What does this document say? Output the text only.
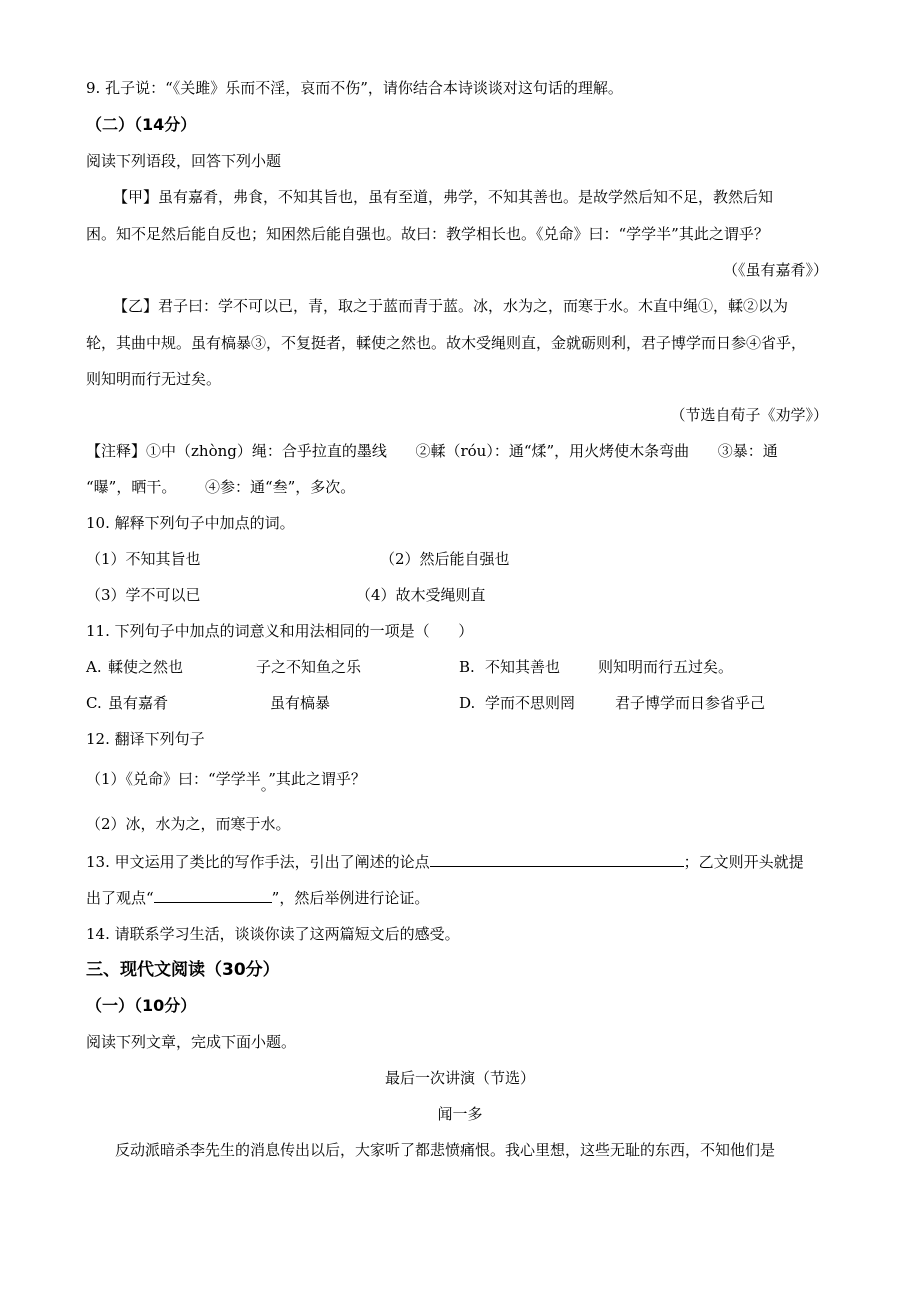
9. 孔子说：“《关雎》乐而不淫，哀而不伤”，请你结合本诗谈谈对这句话的理解。
（二）（14分）
阅读下列语段，回答下列小题
【甲】虽有嘉肴，弗食，不知其旨也，虽有至道，弗学，不知其善也。是故学然后知不足，教然后知
困。知不足然后能自反也；知困然后能自强也。故曰：教学相长也。《兑命》曰：“学学半”其此之谓乎？
（《虽有嘉肴》）
【乙】君子曰：学不可以已，青，取之于蓝而青于蓝。冰，水为之，而寒于水。木直中绳①，輮②以为
轮，其曲中规。虽有槁暴③，不复挺者，輮使之然也。故木受绳则直，金就砺则利，君子博学而日参④省乎，
则知明而行无过矣。
（节选自荀子《劝学》）
【注释】①中（zhòng）绳：合乎拉直的墨线      ②輮（róu）：通“煣”，用火烤使木条弯曲      ③暴：通
“曝”，晒干。      ④参：通“叁”，多次。
10. 解释下列句子中加点的词。
（1）不知其旨也	（2）然后能自强也
（3）学不可以已	（4）故木受绳则直
11. 下列句子中加点的词意义和用法相同的一项是（      ）
A. 輮使之然也	子之不知鱼之乐	B. 不知其善也	则知明而行五过矣。
C. 虽有嘉肴	虽有槁暴	D. 学而不思则罔	君子博学而日参省乎己
12. 翻译下列句子
（1）《兑命》曰：“学学半。”其此之谓乎？
（2）冰，水为之，而寒于水。
13. 甲文运用了类比的写作手法，引出了阐述的论点	；乙文则开头就提
出了观点“	”，然后举例进行论证。
14. 请联系学习生活，谈谈你读了这两篇短文后的感受。
三、现代文阅读（30分）
（一）（10分）
阅读下列文章，完成下面小题。
最后一次讲演（节选）
闻一多
反动派暗杀李先生的消息传出以后，大家听了都悲愤痛恨。我心里想，这些无耻的东西，不知他们是
